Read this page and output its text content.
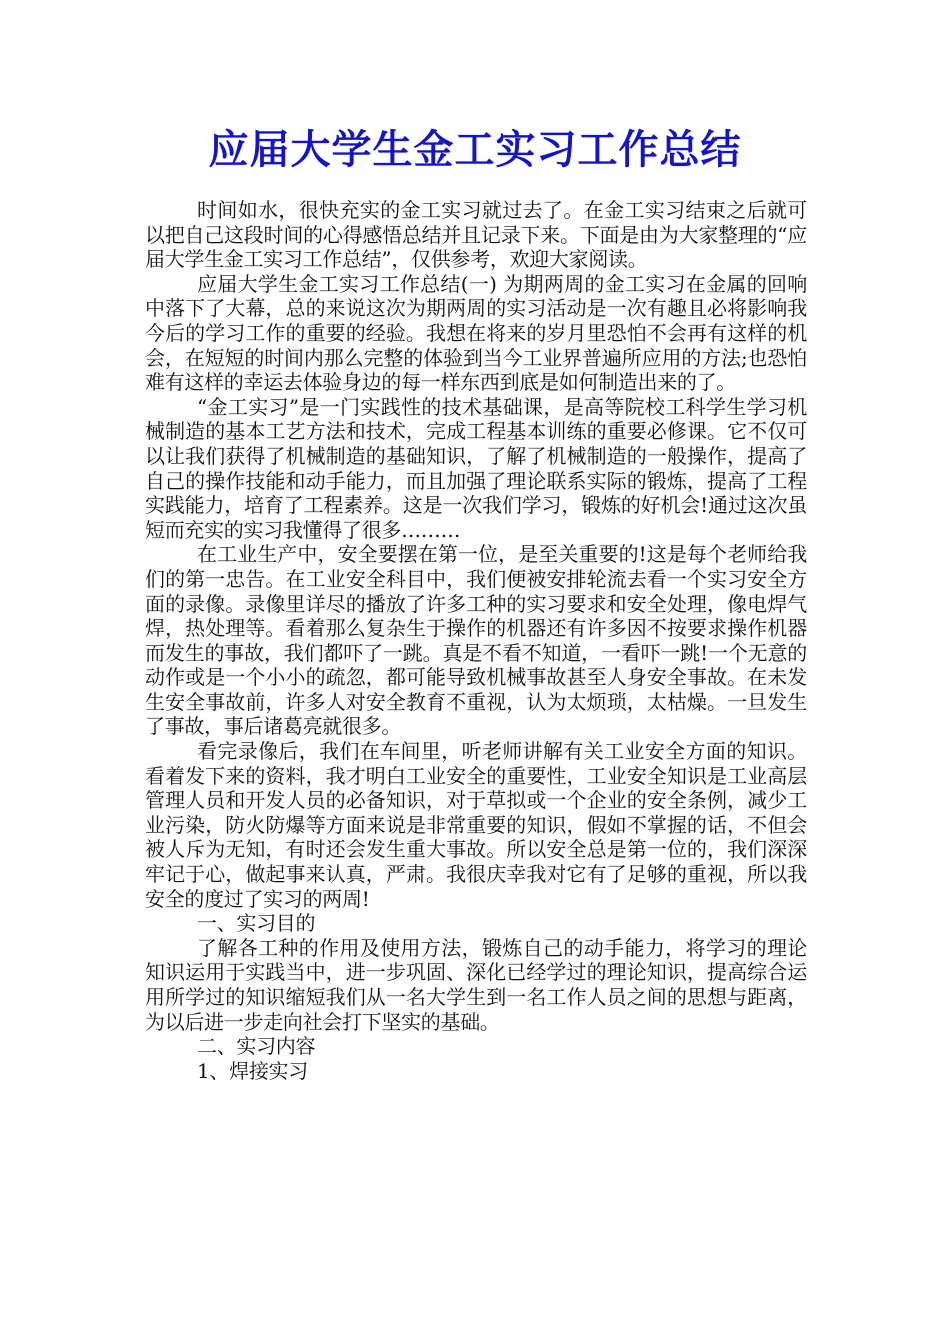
应届大学生金工实习工作总结

时间如水，很快充实的金工实习就过去了。在金工实习结束之后就可以把自己这段时间的心得感悟总结并且记录下来。下面是由为大家整理的“应届大学生金工实习工作总结”，仅供参考，欢迎大家阅读。

应届大学生金工实习工作总结(一) 为期两周的金工实习在金属的回响中落下了大幕，总的来说这次为期两周的实习活动是一次有趣且必将影响我今后的学习工作的重要的经验。我想在将来的岁月里恐怕不会再有这样的机会，在短短的时间内那么完整的体验到当今工业界普遍所应用的方法;也恐怕难有这样的幸运去体验身边的每一样东西到底是如何制造出来的了。

“金工实习”是一门实践性的技术基础课，是高等院校工科学生学习机械制造的基本工艺方法和技术，完成工程基本训练的重要必修课。它不仅可以让我们获得了机械制造的基础知识，了解了机械制造的一般操作，提高了自己的操作技能和动手能力，而且加强了理论联系实际的锻炼，提高了工程实践能力，培育了工程素养。这是一次我们学习，锻炼的好机会!通过这次虽短而充实的实习我懂得了很多………

在工业生产中，安全要摆在第一位，是至关重要的!这是每个老师给我们的第一忠告。在工业安全科目中，我们便被安排轮流去看一个实习安全方面的录像。录像里详尽的播放了许多工种的实习要求和安全处理，像电焊气焊，热处理等。看着那么复杂生于操作的机器还有许多因不按要求操作机器而发生的事故，我们都吓了一跳。真是不看不知道，一看吓一跳!一个无意的动作或是一个小小的疏忽，都可能导致机械事故甚至人身安全事故。在未发生安全事故前，许多人对安全教育不重视，认为太烦琐，太枯燥。一旦发生了事故，事后诸葛亮就很多。

看完录像后，我们在车间里，听老师讲解有关工业安全方面的知识。看着发下来的资料，我才明白工业安全的重要性，工业安全知识是工业高层管理人员和开发人员的必备知识，对于草拟或一个企业的安全条例，减少工业污染，防火防爆等方面来说是非常重要的知识，假如不掌握的话，不但会被人斥为无知，有时还会发生重大事故。所以安全总是第一位的，我们深深牢记于心，做起事来认真，严肃。我很庆幸我对它有了足够的重视，所以我安全的度过了实习的两周!

一、实习目的

了解各工种的作用及使用方法，锻炼自己的动手能力，将学习的理论知识运用于实践当中，进一步巩固、深化已经学过的理论知识，提高综合运用所学过的知识缩短我们从一名大学生到一名工作人员之间的思想与距离，为以后进一步走向社会打下坚实的基础。

二、实习内容

1、焊接实习
